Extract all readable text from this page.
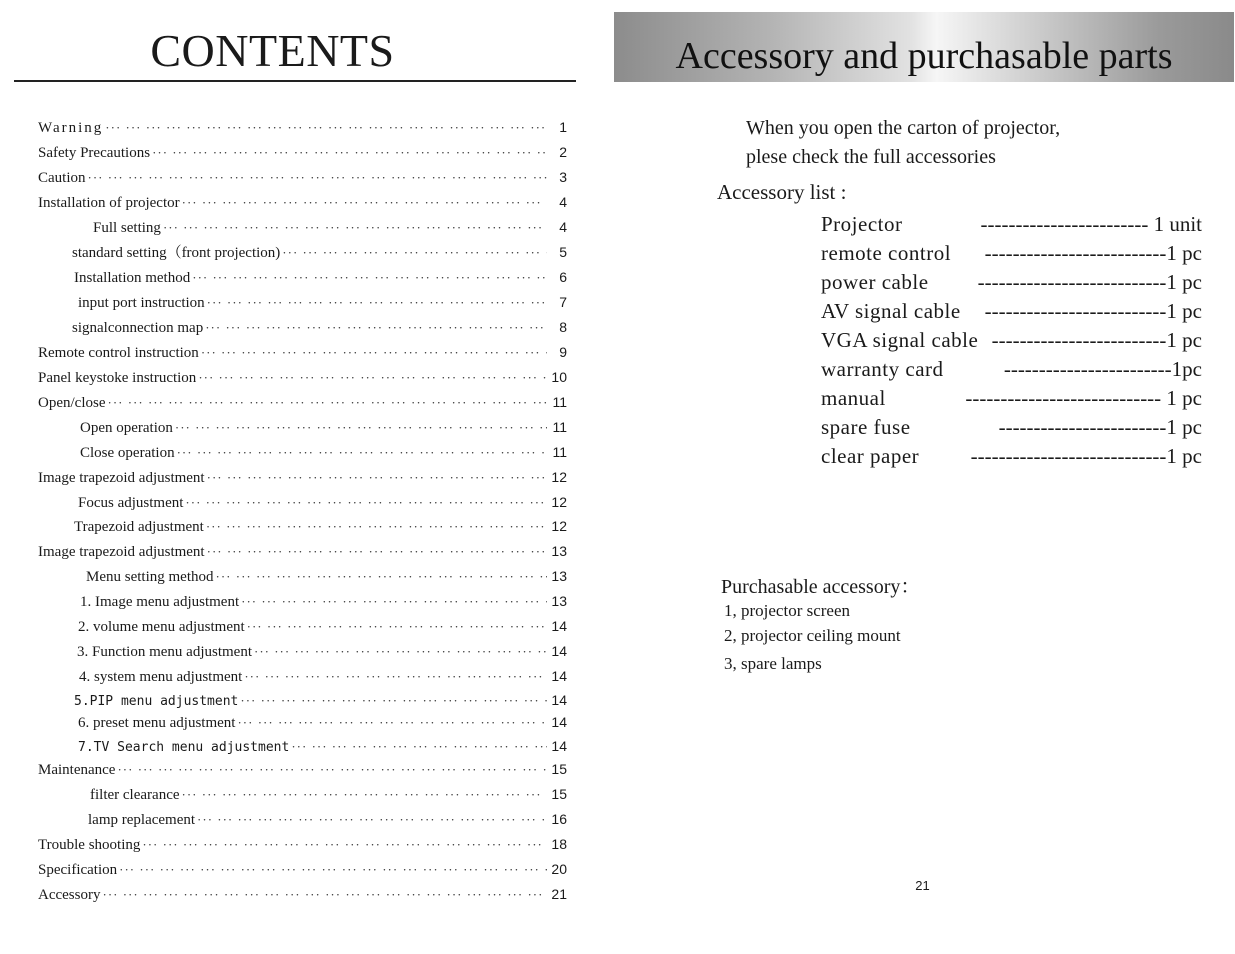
CONTENTS
Warning ··· ·	1
Safety Precautions ··· ·	2
Caution ··· ·	3
Installation of projector ··· ·	4
Full setting ··· ·	4
standard setting（front projection) ··· ·	5
Installation method ··· ·	6
input port instruction ··· ·	7
signalconnection map ··· ·	8
Remote control instruction ··· ·	9
Panel keystoke instruction ··· ·	10
Open/close ··· ·	11
Open operation ··· ·	11
Close operation ··· ·	11
Image trapezoid adjustment ··· ·	12
Focus adjustment ··· ·	12
Trapezoid adjustment ··· ·	12
Image trapezoid adjustment ··· ·	13
Menu setting method ··· ·	13
1. Image menu adjustment ··· ·	13
2. volume menu adjustment ··· ·	14
3. Function menu adjustment ··· ·	14
4. system menu adjustment ··· ·	14
5.PIP menu adjustment ··· ·	14
6. preset menu adjustment ··· ·	14
7.TV Search menu adjustment ··· ·	14
Maintenance ··· ·	15
filter clearance ··· ·	15
lamp replacement ··· ·	16
Trouble shooting ··· ·	18
Specification ··· ·	20
Accessory ··· ·	21
Accessory and purchasable parts
When you open the carton of projector,
plese check the full accessories
Accessory list :
Projector	------------------------ 1 unit
remote control --------------------------1 pc
power cable ---------------------------1 pc
AV signal cable --------------------------1 pc
VGA signal cable -------------------------1 pc
warranty card	------------------------1pc
manual	---------------------------- 1 pc
spare fuse	------------------------1 pc
clear paper ----------------------------1 pc
Purchasable accessory：
1, projector screen
2, projector ceiling mount
3, spare lamps
21
